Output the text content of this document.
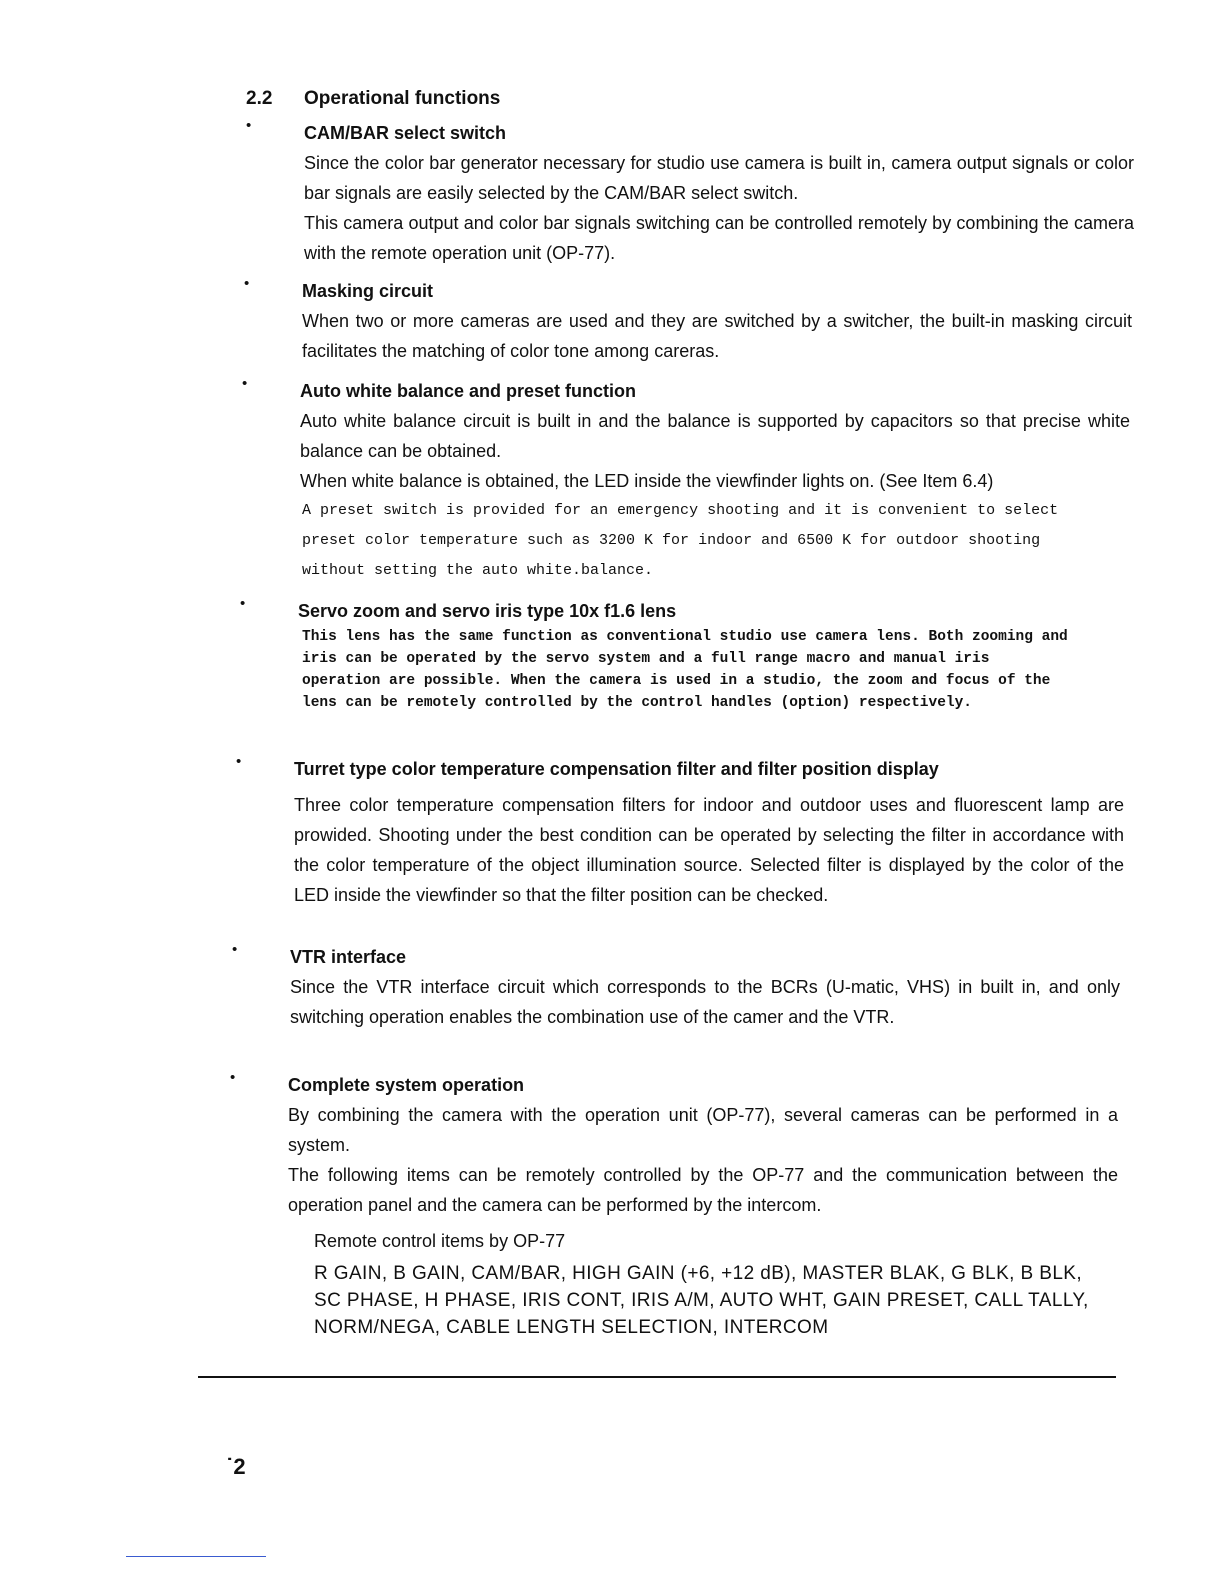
2.2 Operational functions
•	CAM/BAR select switch

Since the color bar generator necessary for studio use camera is built in, camera output signals or color bar signals are easily selected by the CAM/BAR select switch.

This camera output and color bar signals switching can be controlled remotely by combining the camera with the remote operation unit (OP-77).

•	Masking circuit

When two or more cameras are used and they are switched by a switcher, the built-in masking circuit facilitates the matching of color tone among careras.

•	Auto white balance and preset function

Auto white balance circuit is built in and the balance is supported by capacitors so that precise white balance can be obtained.

When white balance is obtained, the LED inside the viewfinder lights on. (See Item 6.4)

A preset switch is provided for an emergency shooting and it is convenient to select preset color temperature such as 3200 K for indoor and 6500 K for outdoor shooting without setting the auto white.balance.

•	Servo zoom and servo iris type 10x f1.6 lens

This lens has the same function as conventional studio use camera lens. Both zooming and iris can be operated by the servo system and a full range macro and manual iris operation are possible. When the camera is used in a studio, the zoom and focus of the lens can be remotely controlled by the control handles (option) respectively.

•	Turret type color temperature compensation filter and filter position display

Three color temperature compensation filters for indoor and outdoor uses and fluorescent lamp are prowided. Shooting under the best condition can be operated by selecting the filter in accordance with the color temperature of the object illumination source. Selected filter is displayed by the color of the LED inside the viewfinder so that the filter position can be checked.

•	VTR interface

Since the VTR interface circuit which corresponds to the BCRs (U-matic, VHS) in built in, and only switching operation enables the combination use of the camer and the VTR.

•	Complete system operation

By combining the camera with the operation unit (OP-77), several cameras can be performed in a system.

The following items can be remotely controlled by the OP-77 and the communication between the operation panel and the camera can be performed by the intercom.

Remote control items by OP-77

R GAIN, B GAIN, CAM/BAR, HIGH GAIN (+6, +12 dB), MASTER BLAK, G BLK, B BLK, SC PHASE, H PHASE, IRIS CONT, IRIS A/M, AUTO WHT, GAIN PRESET, CALL TALLY, NORM/NEGA, CABLE LENGTH SELECTION, INTERCOM

˙2
